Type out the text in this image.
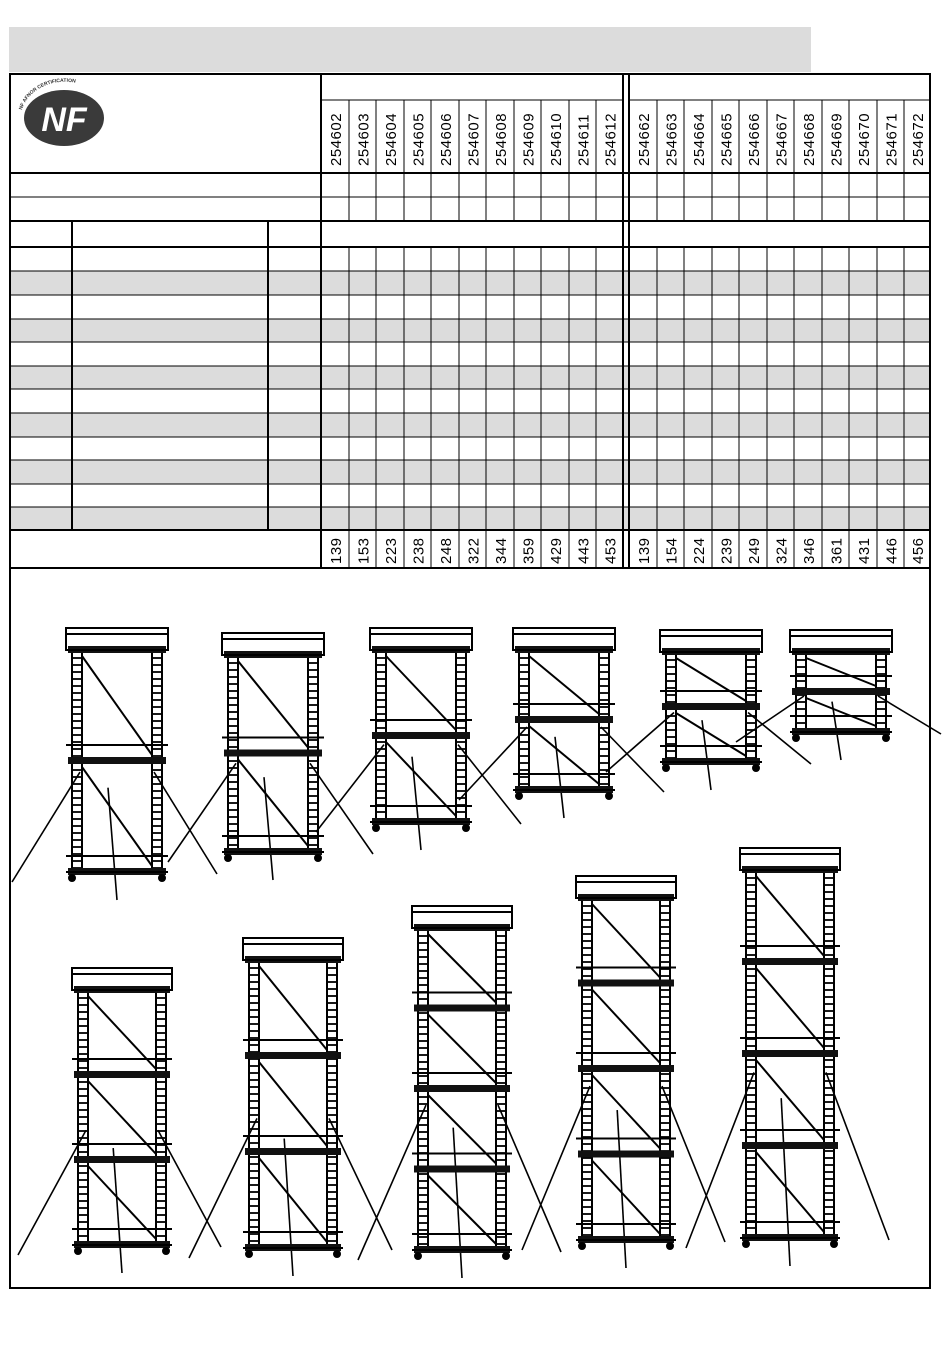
NF
NF AFNOR CERTIFICATION
254602 254603 254604 254605 254606 254607 254608 254609 254610 254611 254612 254662 254663 254664 254665 254666 254667 254668 254669 254670 254671 254672
139 153 223 238 248 322 344 359 429 443 453 139 154 224 239 249 324 346 361 431 446 456
